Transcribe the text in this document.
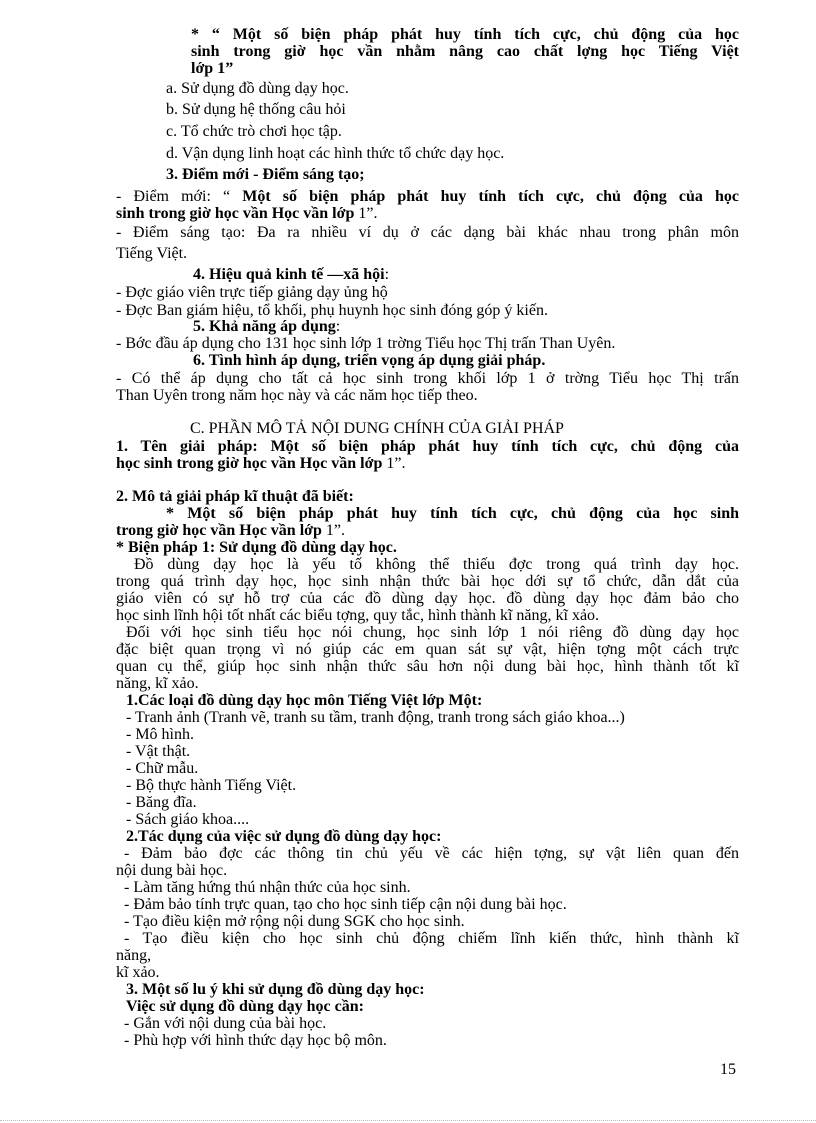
* “ Một số biện pháp phát huy tính tích cực, chủ động của học
sinh trong giờ học vần nhằm nâng cao chất lợng học Tiếng Việt
lớp 1”
a. Sử dụng đồ dùng dạy học.
b. Sử dụng hệ thống câu hỏi
c. Tổ chức trò chơi học tập.
d. Vận dụng linh hoạt các hình thức tổ chức dạy học.
3. Điểm mới - Điểm sáng tạo;
- Điểm mới: “ Một số biện pháp phát huy tính tích cực, chủ động của học
sinh trong giờ học vần Học vần lớp 1”.
- Điểm sáng tạo: Đa ra nhiều ví dụ ở các dạng bài khác nhau trong phân môn
Tiếng Việt.
4. Hiệu quả kinh tế —xã hội:
- Đợc giáo viên trực tiếp giảng dạy ủng hộ
- Đợc Ban giám hiệu, tổ khối, phụ huynh học sinh đóng góp ý kiến.
5. Khả năng áp dụng:
- Bớc đầu áp dụng cho 131 học sinh lớp 1 trờng Tiểu học Thị trấn Than Uyên.
6. Tình hình áp dụng, triển vọng áp dụng giải pháp.
- Có thể áp dụng cho tất cả học sinh trong khối lớp 1 ở trờng Tiểu học Thị trấn
Than Uyên trong năm học này và các năm học tiếp theo.
C. PHẦN MÔ TẢ NỘI DUNG CHÍNH CỦA GIẢI PHÁP
1. Tên giải pháp: Một số biện pháp phát huy tính tích cực, chủ động của
học sinh trong giờ học vần Học vần lớp 1”.
2. Mô tả giải pháp kĩ thuật đã biết:
* Một số biện pháp phát huy tính tích cực, chủ động của học sinh
trong giờ học vần Học vần lớp 1”.
* Biện pháp 1: Sử dụng đồ dùng dạy học.
Đồ dùng dạy học là yếu tố không thể thiếu đợc trong quá trình dạy học.
trong quá trình dạy học, học sinh nhận thức bài học dới sự tổ chức, dẫn dắt của
giáo viên có sự hỗ trợ của các đồ dùng dạy học. đồ dùng dạy học đảm bảo cho
học sinh lĩnh hội tốt nhất các biểu tợng, quy tắc, hình thành kĩ năng, kĩ xảo.
Đối với học sinh tiểu học nói chung, học sinh lớp 1 nói riêng đồ dùng dạy học
đặc biệt quan trọng vì nó giúp các em quan sát sự vật, hiện tợng một cách trực
quan cụ thể, giúp học sinh nhận thức sâu hơn nội dung bài học, hình thành tốt kĩ
năng, kĩ xảo.
1.Các loại đồ dùng dạy học môn Tiếng Việt lớp Một:
- Tranh ảnh (Tranh vẽ, tranh su tầm, tranh động, tranh trong sách giáo khoa...)
- Mô hình.
- Vật thật.
- Chữ mẫu.
- Bộ thực hành Tiếng Việt.
- Băng đĩa.
- Sách giáo khoa....
2.Tác dụng của việc sử dụng đồ dùng dạy học:
- Đảm bảo đợc các thông tin chủ yếu về các hiện tợng, sự vật liên quan đến
nội dung bài học.
- Làm tăng hứng thú nhận thức của học sinh.
- Đảm bảo tính trực quan, tạo cho học sinh tiếp cận nội dung bài học.
- Tạo điều kiện mở rộng nội dung SGK cho học sinh.
- Tạo điều kiện cho học sinh chủ động chiếm lĩnh kiến thức, hình thành kĩ
năng,
kĩ xảo.
3. Một số lu ý khi sử dụng đồ dùng dạy học:
Việc sử dụng đồ dùng dạy học cần:
- Gắn với nội dung của bài học.
- Phù hợp với hình thức dạy học bộ môn.
15
